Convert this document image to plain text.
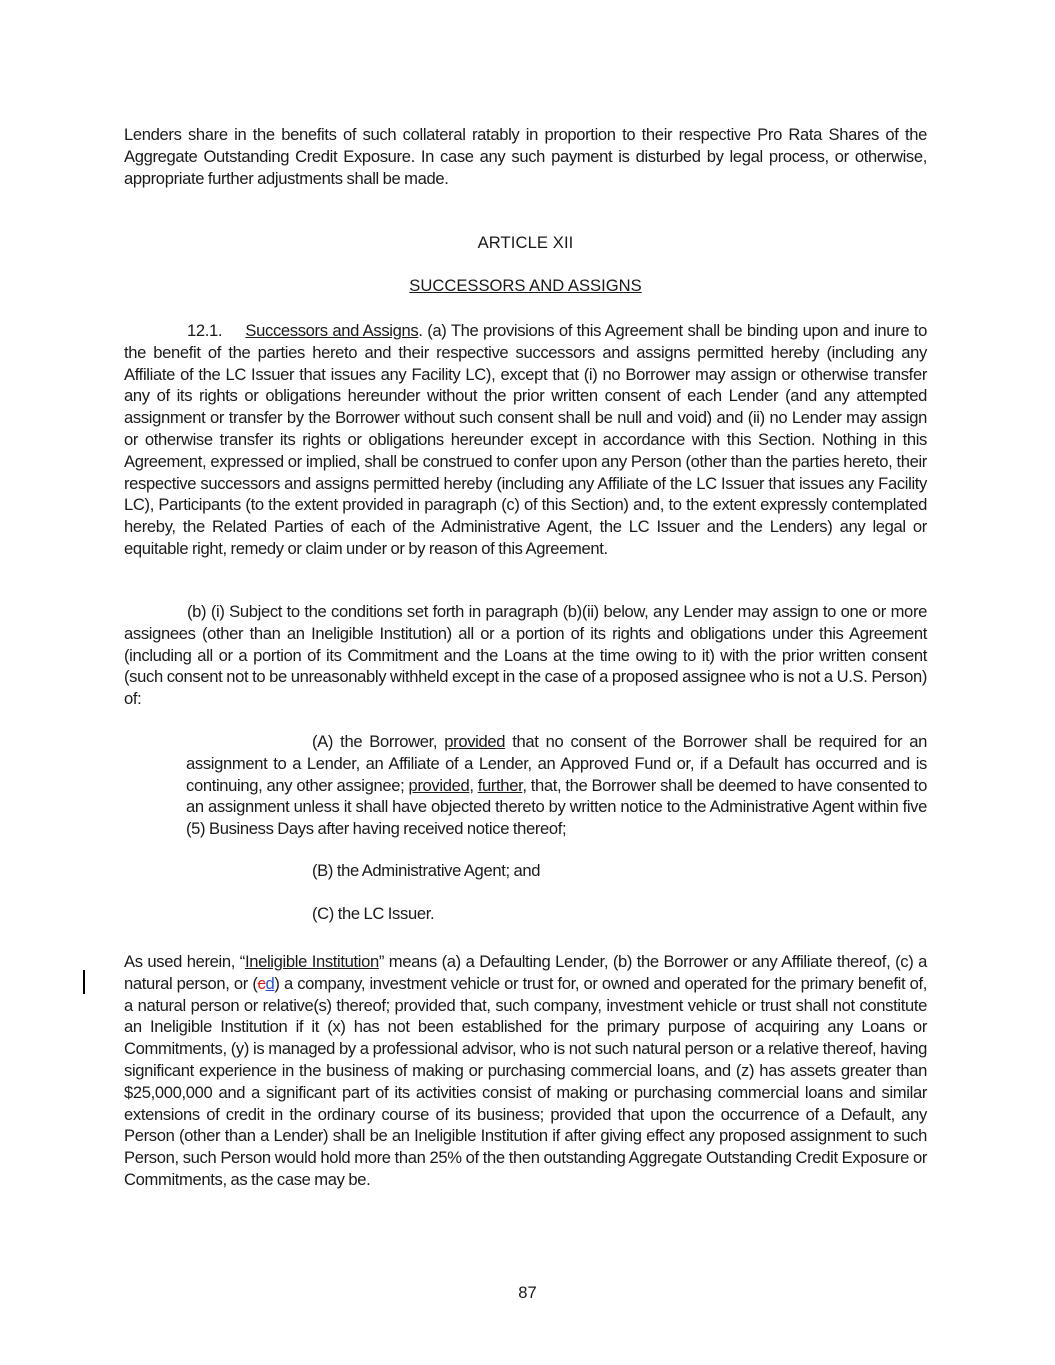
Lenders share in the benefits of such collateral ratably in proportion to their respective Pro Rata Shares of the Aggregate Outstanding Credit Exposure. In case any such payment is disturbed by legal process, or otherwise, appropriate further adjustments shall be made.

ARTICLE XII
SUCCESSORS AND ASSIGNS

12.1. Successors and Assigns. (a) The provisions of this Agreement shall be binding upon and inure to the benefit of the parties hereto and their respective successors and assigns permitted hereby (including any Affiliate of the LC Issuer that issues any Facility LC), except that (i) no Borrower may assign or otherwise transfer any of its rights or obligations hereunder without the prior written consent of each Lender (and any attempted assignment or transfer by the Borrower without such consent shall be null and void) and (ii) no Lender may assign or otherwise transfer its rights or obligations hereunder except in accordance with this Section. Nothing in this Agreement, expressed or implied, shall be construed to confer upon any Person (other than the parties hereto, their respective successors and assigns permitted hereby (including any Affiliate of the LC Issuer that issues any Facility LC), Participants (to the extent provided in paragraph (c) of this Section) and, to the extent expressly contemplated hereby, the Related Parties of each of the Administrative Agent, the LC Issuer and the Lenders) any legal or equitable right, remedy or claim under or by reason of this Agreement.

(b) (i) Subject to the conditions set forth in paragraph (b)(ii) below, any Lender may assign to one or more assignees (other than an Ineligible Institution) all or a portion of its rights and obligations under this Agreement (including all or a portion of its Commitment and the Loans at the time owing to it) with the prior written consent (such consent not to be unreasonably withheld except in the case of a proposed assignee who is not a U.S. Person) of:

(A) the Borrower, provided that no consent of the Borrower shall be required for an assignment to a Lender, an Affiliate of a Lender, an Approved Fund or, if a Default has occurred and is continuing, any other assignee; provided, further, that, the Borrower shall be deemed to have consented to an assignment unless it shall have objected thereto by written notice to the Administrative Agent within five (5) Business Days after having received notice thereof;

(B) the Administrative Agent; and

(C) the LC Issuer.

As used herein, “Ineligible Institution” means (a) a Defaulting Lender, (b) the Borrower or any Affiliate thereof, (c) a natural person, or (cd) a company, investment vehicle or trust for, or owned and operated for the primary benefit of, a natural person or relative(s) thereof; provided that, such company, investment vehicle or trust shall not constitute an Ineligible Institution if it (x) has not been established for the primary purpose of acquiring any Loans or Commitments, (y) is managed by a professional advisor, who is not such natural person or a relative thereof, having significant experience in the business of making or purchasing commercial loans, and (z) has assets greater than $25,000,000 and a significant part of its activities consist of making or purchasing commercial loans and similar extensions of credit in the ordinary course of its business; provided that upon the occurrence of a Default, any Person (other than a Lender) shall be an Ineligible Institution if after giving effect any proposed assignment to such Person, such Person would hold more than 25% of the then outstanding Aggregate Outstanding Credit Exposure or Commitments, as the case may be.

87
